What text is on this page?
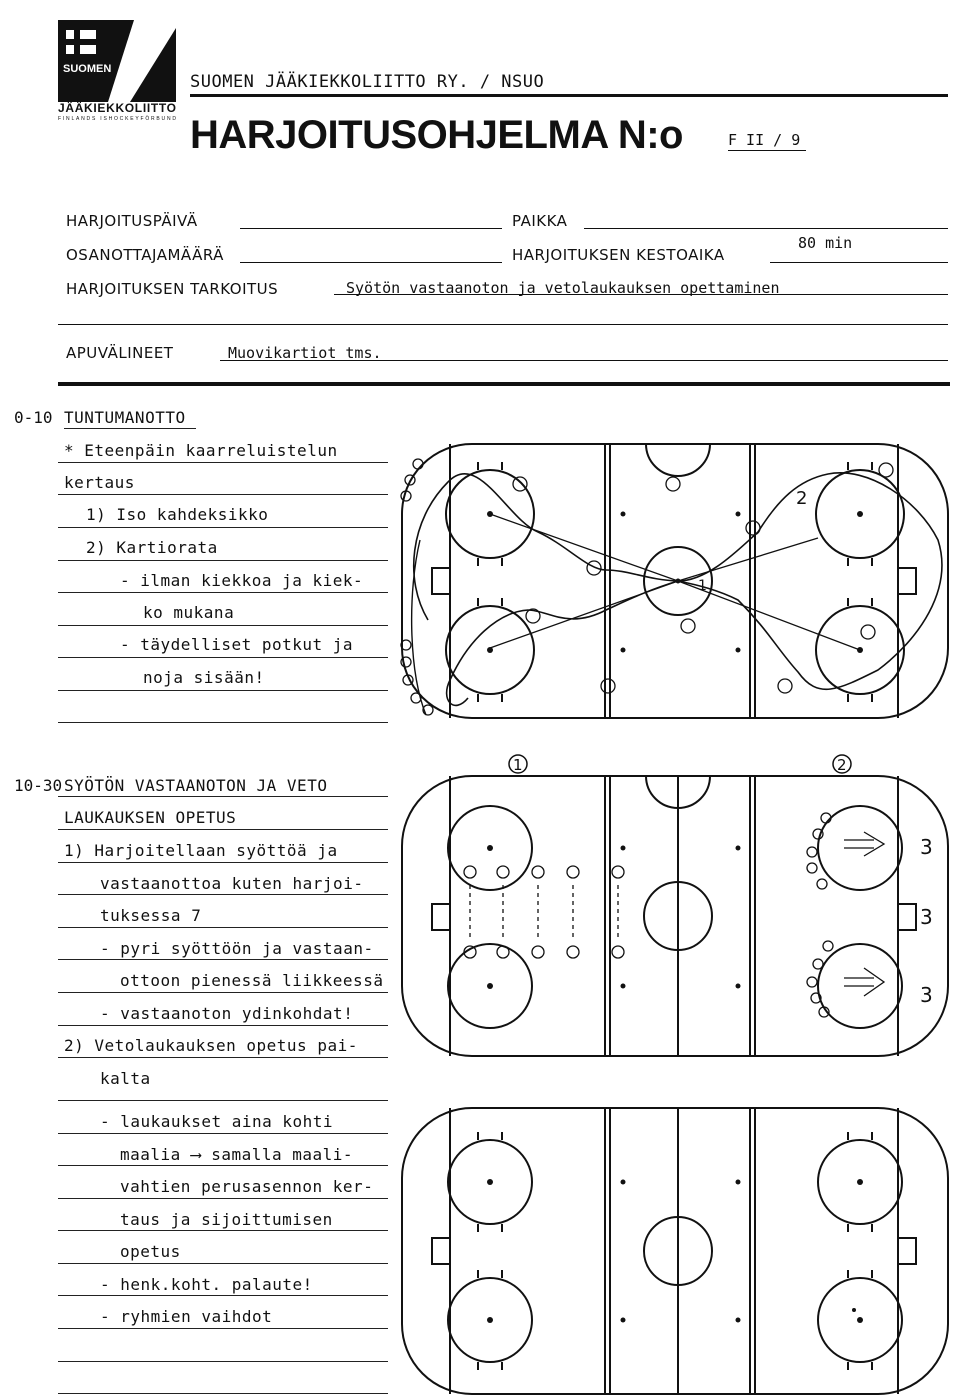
SUOMEN
JÄÄKIEKKOLIITTO
FINLANDS ISHOCKEYFÖRBUND
SUOMEN JÄÄKIEKKOLIITTO RY. / NSUO
HARJOITUSOHJELMA N:o	F II / 9
HARJOITUSPÄIVÄ	PAIKKA
OSANOTTAJAMÄÄRÄ	HARJOITUKSEN KESTOAIKA
80 min
HARJOITUKSEN TARKOITUS	Syötön vastaanoton ja vetolaukauksen opettaminen
APUVÄLINEET	Muovikartiot tms.
0-10 TUNTUMANOTTO
* Eteenpäin kaarreluistelun
kertaus
1) Iso kahdeksikko
2) Kartiorata
- ilman kiekkoa ja kiek-
ko mukana
- täydelliset potkut ja
noja sisään!
10-30 SYÖTÖN VASTAANOTON JA VETO
LAUKAUKSEN OPETUS
1) Harjoitellaan syöttöä ja
vastaanottoa kuten harjoi-
tuksessa 7
- pyri syöttöön ja vastaan-
ottoon pienessä liikkeessä
- vastaanoton ydinkohdat!
2) Vetolaukauksen opetus pai-
kalta
- laukaukset aina kohti
maalia ⟶ samalla maali-
vahtien perusasennon ker-
taus ja sijoittumisen
opetus
- henk.koht. palaute!
- ryhmien vaihdot
1
2
1	2
3
3
3
